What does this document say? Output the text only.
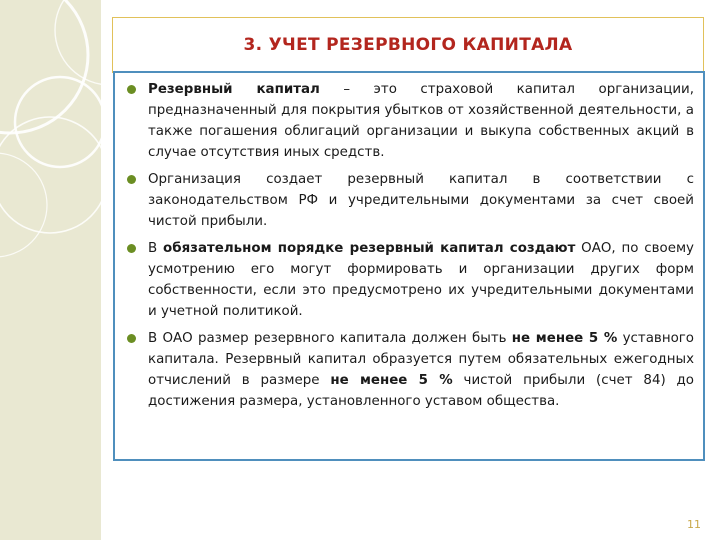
3. УЧЕТ РЕЗЕРВНОГО КАПИТАЛА
Резервный капитал – это страховой капитал организации, предназначенный для покрытия убытков от хозяйственной деятельности, а также погашения облигаций организации и выкупа собственных акций в случае отсутствия иных средств.
Организация создает резервный капитал в соответствии с законодательством РФ и учредительными документами за счет своей чистой прибыли.
В обязательном порядке резервный капитал создают ОАО, по своему усмотрению его могут формировать и организации других форм собственности, если это предусмотрено их учредительными документами и учетной политикой.
В ОАО размер резервного капитала должен быть не менее 5 % уставного капитала. Резервный капитал образуется путем обязательных ежегодных отчислений в размере не менее 5 % чистой прибыли (счет 84) до достижения размера, установленного уставом общества.
11
